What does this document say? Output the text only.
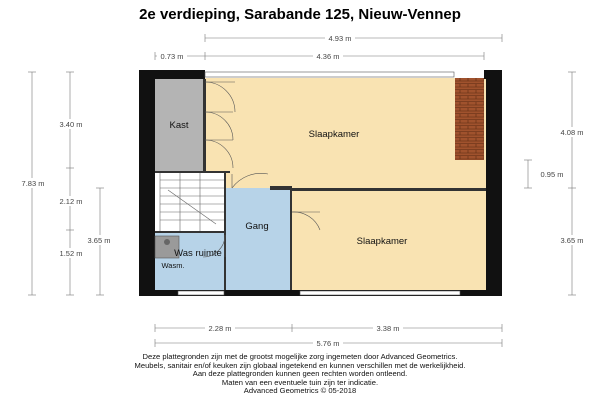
2e verdieping, Sarabande 125, Nieuw-Vennep
4.93 m
0.73 m	4.36 m
7.83 m
3.40 m
2.12 m
1.52 m
3.65 m
4.08 m
0.95 m
3.65 m
2.28 m	3.38 m
5.76 m
Kast
Slaapkamer
Slaapkamer
Gang
Was ruimte
Wasm.
Deze plattegronden zijn met de grootst mogelijke zorg ingemeten door Advanced Geometrics.
Meubels, sanitair en/of keuken zijn globaal ingetekend en kunnen verschillen met de werkelijkheid.
Aan deze plattegronden kunnen geen rechten worden ontleend.
Maten van een eventuele tuin zijn ter indicatie.
Advanced Geometrics © 05-2018
